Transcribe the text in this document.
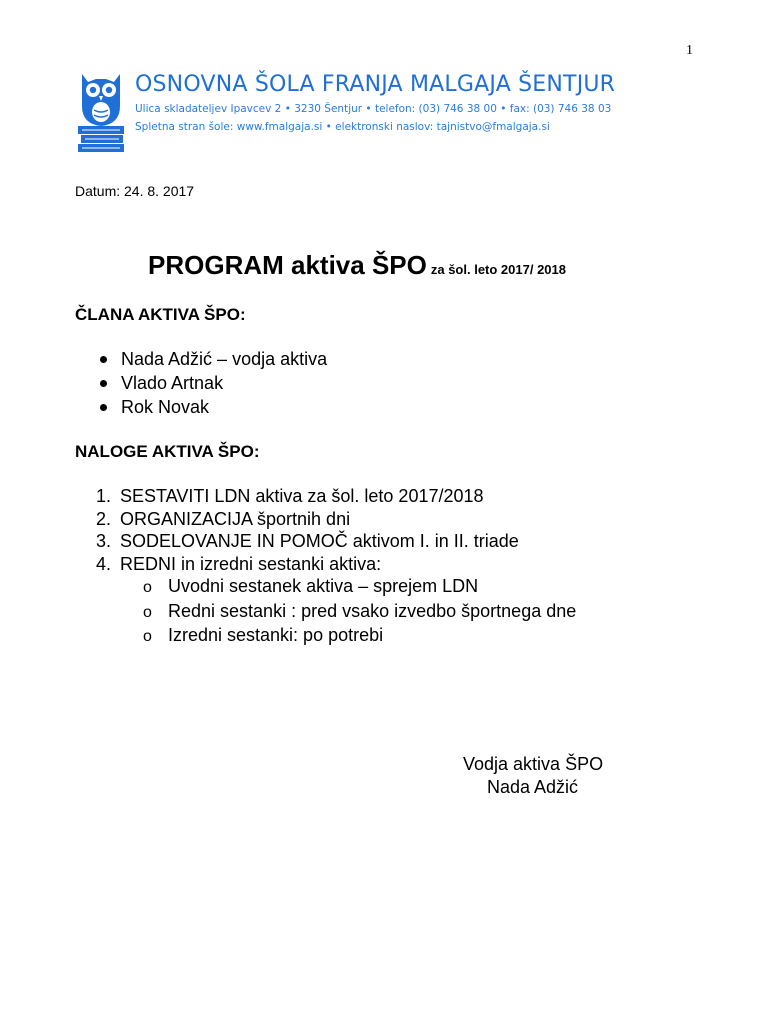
1
OSNOVNA ŠOLA FRANJA MALGAJA ŠENTJUR
Ulica skladateljev Ipavcev 2 • 3230 Šentjur • telefon: (03) 746 38 00 • fax: (03) 746 38 03
Spletna stran šole: www.fmalgaja.si • elektronski naslov: tajnistvo@fmalgaja.si
Datum: 24. 8. 2017
PROGRAM aktiva ŠPO za šol. leto 2017/ 2018
ČLANA AKTIVA ŠPO:
Nada Adžić – vodja aktiva
Vlado Artnak
Rok Novak
NALOGE AKTIVA ŠPO:
1. SESTAVITI LDN aktiva za šol. leto 2017/2018
2. ORGANIZACIJA športnih dni
3. SODELOVANJE IN POMOČ aktivom I. in II. triade
4. REDNI in izredni sestanki aktiva:
o Uvodni sestanek aktiva – sprejem LDN
o Redni sestanki : pred vsako izvedbo športnega dne
o Izredni sestanki: po potrebi
Vodja aktiva ŠPO
Nada Adžić
